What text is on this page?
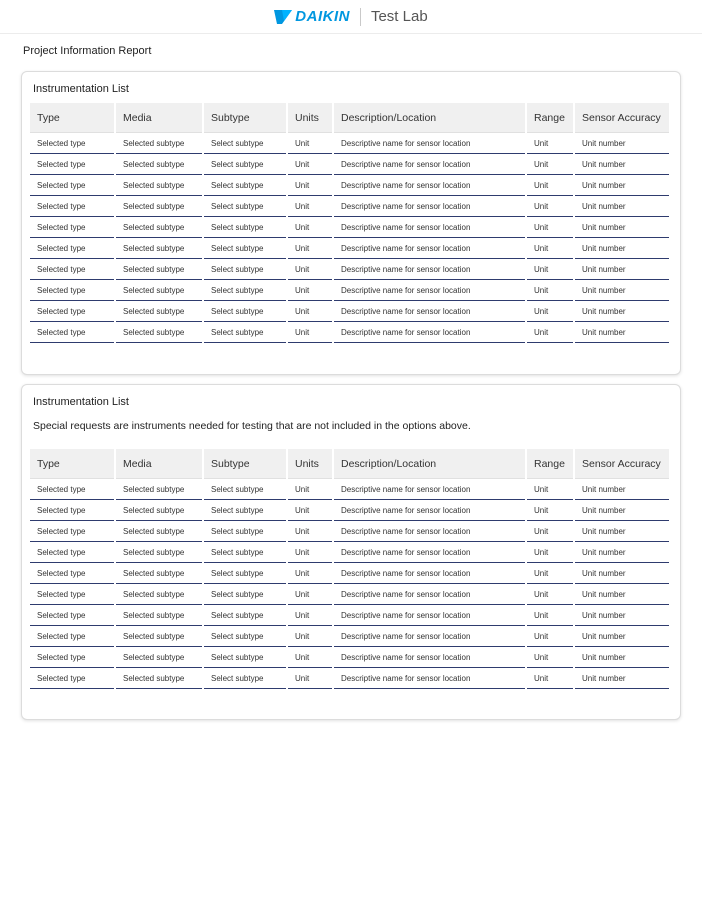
DAIKIN Test Lab
Project Information Report
Instrumentation List
Type	Media	Subtype	Units	Description/Location	Range	Sensor Accuracy
Selected type	Selected subtype	Select subtype	Unit	Descriptive name for sensor location	Unit	Unit number
Selected type	Selected subtype	Select subtype	Unit	Descriptive name for sensor location	Unit	Unit number
Selected type	Selected subtype	Select subtype	Unit	Descriptive name for sensor location	Unit	Unit number
Selected type	Selected subtype	Select subtype	Unit	Descriptive name for sensor location	Unit	Unit number
Selected type	Selected subtype	Select subtype	Unit	Descriptive name for sensor location	Unit	Unit number
Selected type	Selected subtype	Select subtype	Unit	Descriptive name for sensor location	Unit	Unit number
Selected type	Selected subtype	Select subtype	Unit	Descriptive name for sensor location	Unit	Unit number
Selected type	Selected subtype	Select subtype	Unit	Descriptive name for sensor location	Unit	Unit number
Selected type	Selected subtype	Select subtype	Unit	Descriptive name for sensor location	Unit	Unit number
Selected type	Selected subtype	Select subtype	Unit	Descriptive name for sensor location	Unit	Unit number
Instrumentation List
Special requests are instruments needed for testing that are not included in the options above.
Type	Media	Subtype	Units	Description/Location	Range	Sensor Accuracy
Selected type	Selected subtype	Select subtype	Unit	Descriptive name for sensor location	Unit	Unit number
Selected type	Selected subtype	Select subtype	Unit	Descriptive name for sensor location	Unit	Unit number
Selected type	Selected subtype	Select subtype	Unit	Descriptive name for sensor location	Unit	Unit number
Selected type	Selected subtype	Select subtype	Unit	Descriptive name for sensor location	Unit	Unit number
Selected type	Selected subtype	Select subtype	Unit	Descriptive name for sensor location	Unit	Unit number
Selected type	Selected subtype	Select subtype	Unit	Descriptive name for sensor location	Unit	Unit number
Selected type	Selected subtype	Select subtype	Unit	Descriptive name for sensor location	Unit	Unit number
Selected type	Selected subtype	Select subtype	Unit	Descriptive name for sensor location	Unit	Unit number
Selected type	Selected subtype	Select subtype	Unit	Descriptive name for sensor location	Unit	Unit number
Selected type	Selected subtype	Select subtype	Unit	Descriptive name for sensor location	Unit	Unit number
